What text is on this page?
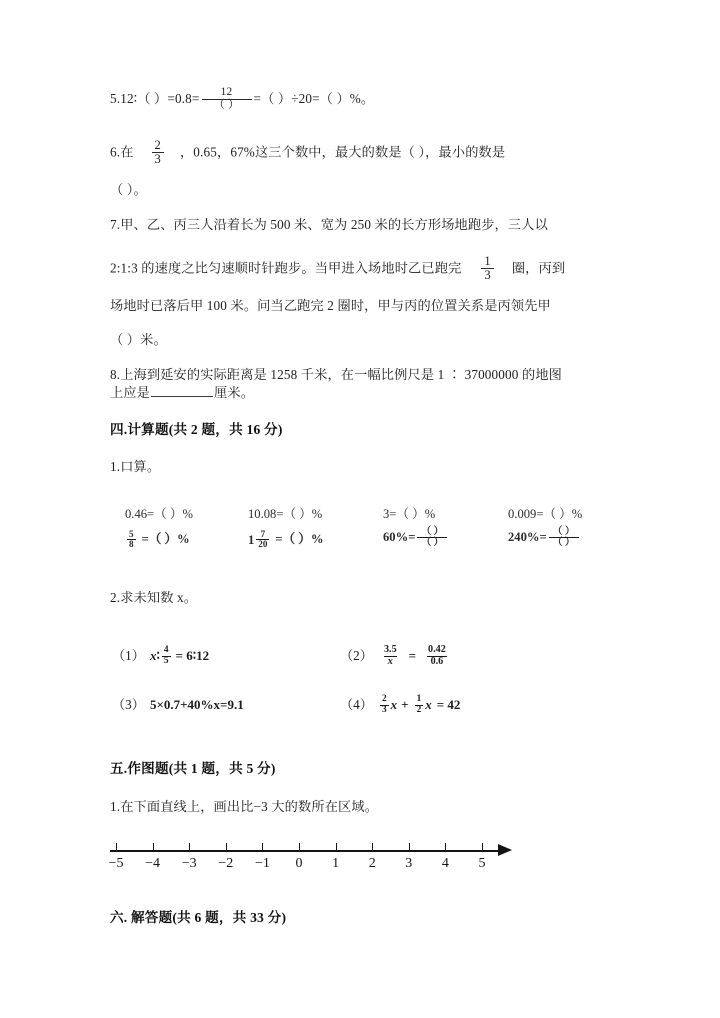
5.12∶（ ）$=0.8= \frac{12}{( )}$ =（ ）÷20=（ ）%。
6.在 $\frac{2}{3}$ ，0.65，67%这三个数中，最大的数是（ ），最小的数是
（ ）。
7.甲、乙、丙三人沿着长为 500 米、宽为 250 米的长方形场地跑步，三人以
2:1:3 的速度之比匀速顺时针跑步。当甲进入场地时乙已跑完 $\frac{1}{3}$ 圈，丙到
场地时已落后甲 100 米。问当乙跑完 2 圈时，甲与丙的位置关系是丙领先甲
（ ）米。
8.上海到延安的实际距离是 1258 千米，在一幅比例尺是 1 ∶ 37000000 的地图
上应是	厘米。
四.计算题(共 2 题，共 16 分)
1.口算。
0.46=（ ）%	10.08=（ ）%	3=（ ）%	0.009=（ ）%
$\frac{5}{8}$ =（ ）%	$1 \frac{7}{20}$ =（ ）%	$60\%= \frac{( )}{( )}$	$240\%= \frac{( )}{( )}$
2.求未知数 x。
（1） x∶ $\frac{4}{5}$ = 6∶12	$(2) \frac{3.5}{x} = \frac{0.42}{0.6}$
（3） 5×0.7+40%x=9.1	$(4) \frac{2}{3}$ $x + \frac{1}{2}$ x = 42
五.作图题(共 1 题，共 5 分)
1.在下面直线上，画出比−3 大的数所在区域。
−5 −4 −3 −2 −1 0 1 2 3 4 5
六. 解答题(共 6 题，共 33 分)
